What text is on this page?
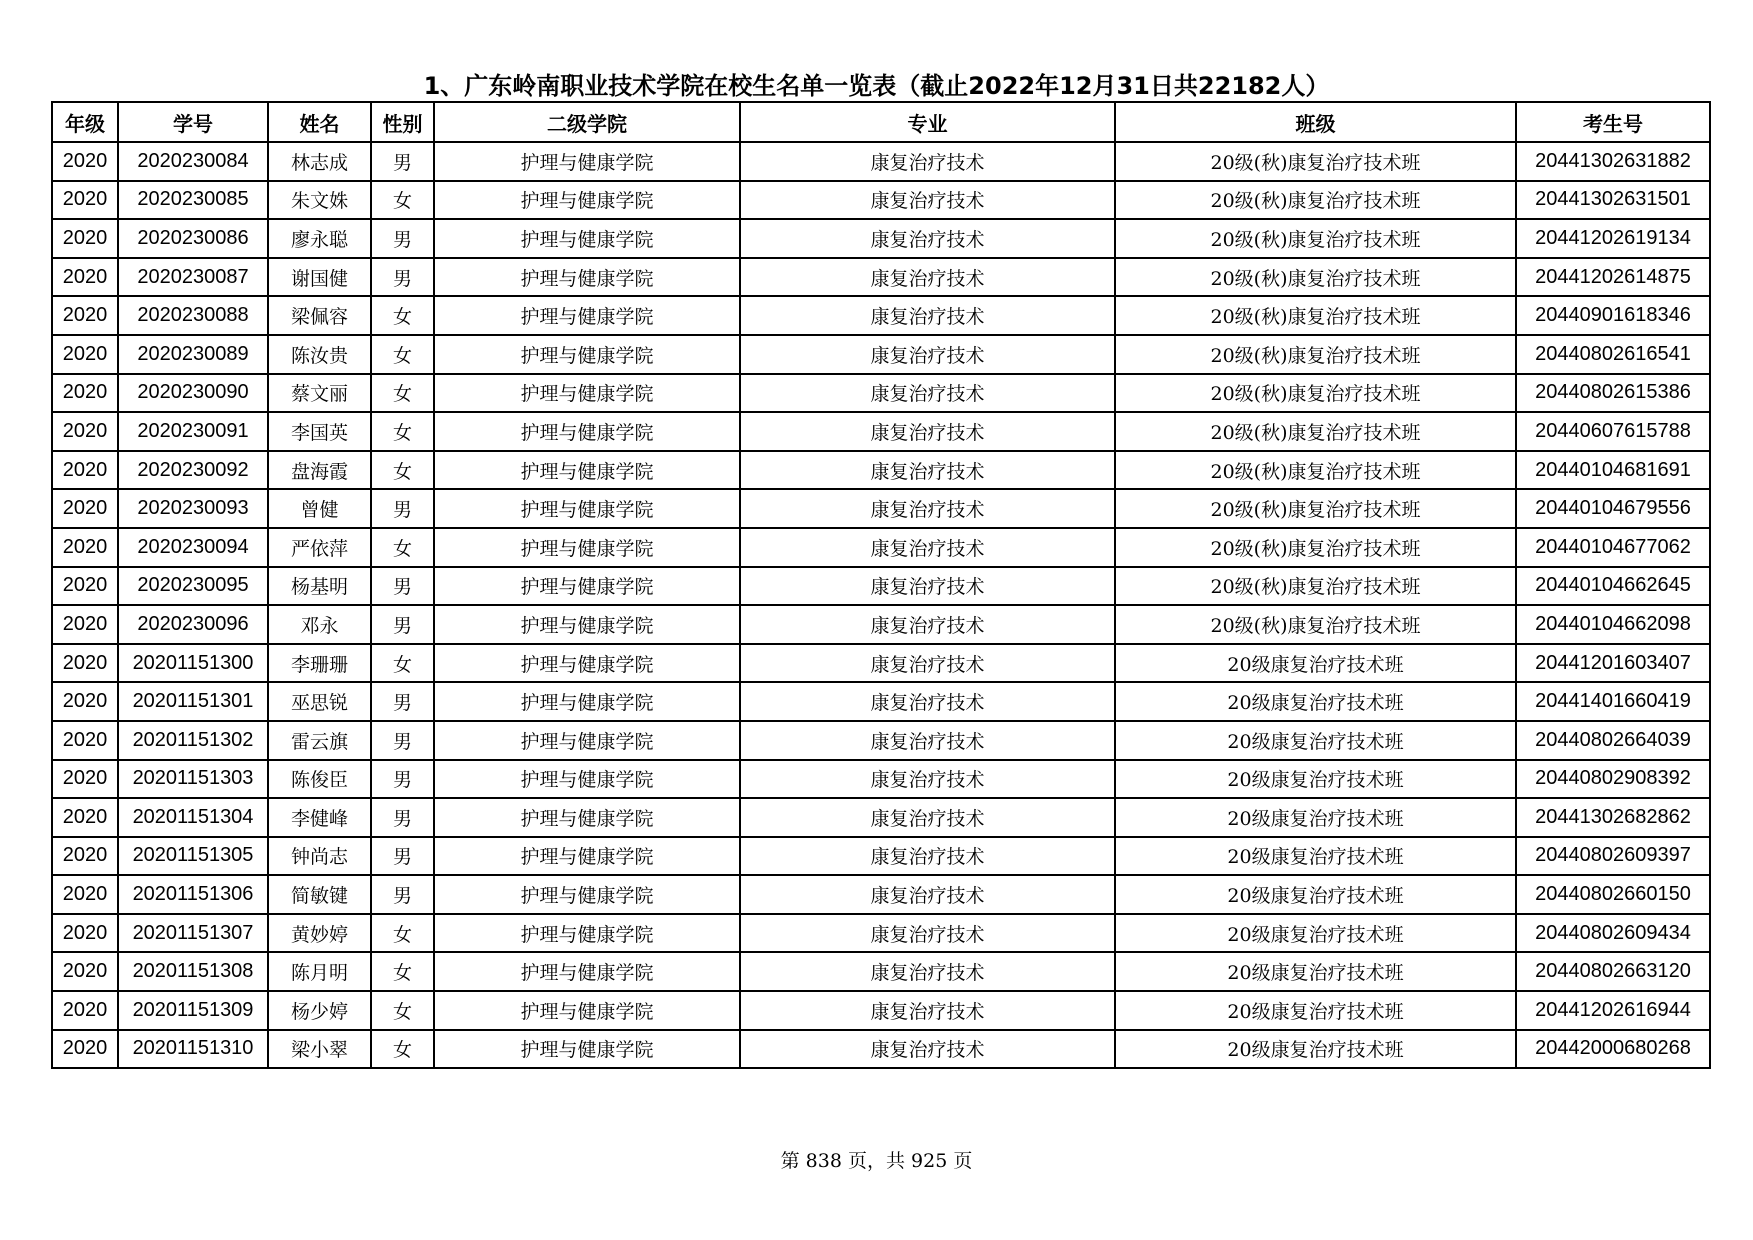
1、广东岭南职业技术学院在校生名单一览表（截止2022年12月31日共22182人）
年级	学号	姓名	性别	二级学院	专业	班级	考生号
2020	2020230084	林志成	男	护理与健康学院	康复治疗技术	20级(秋)康复治疗技术班	20441302631882
2020	2020230085	朱文姝	女	护理与健康学院	康复治疗技术	20级(秋)康复治疗技术班	20441302631501
2020	2020230086	廖永聪	男	护理与健康学院	康复治疗技术	20级(秋)康复治疗技术班	20441202619134
2020	2020230087	谢国健	男	护理与健康学院	康复治疗技术	20级(秋)康复治疗技术班	20441202614875
2020	2020230088	梁佩容	女	护理与健康学院	康复治疗技术	20级(秋)康复治疗技术班	20440901618346
2020	2020230089	陈汝贵	女	护理与健康学院	康复治疗技术	20级(秋)康复治疗技术班	20440802616541
2020	2020230090	蔡文丽	女	护理与健康学院	康复治疗技术	20级(秋)康复治疗技术班	20440802615386
2020	2020230091	李国英	女	护理与健康学院	康复治疗技术	20级(秋)康复治疗技术班	20440607615788
2020	2020230092	盘海霞	女	护理与健康学院	康复治疗技术	20级(秋)康复治疗技术班	20440104681691
2020	2020230093	曾健	男	护理与健康学院	康复治疗技术	20级(秋)康复治疗技术班	20440104679556
2020	2020230094	严依萍	女	护理与健康学院	康复治疗技术	20级(秋)康复治疗技术班	20440104677062
2020	2020230095	杨基明	男	护理与健康学院	康复治疗技术	20级(秋)康复治疗技术班	20440104662645
2020	2020230096	邓永	男	护理与健康学院	康复治疗技术	20级(秋)康复治疗技术班	20440104662098
2020	20201151300	李珊珊	女	护理与健康学院	康复治疗技术	20级康复治疗技术班	20441201603407
2020	20201151301	巫思锐	男	护理与健康学院	康复治疗技术	20级康复治疗技术班	20441401660419
2020	20201151302	雷云旗	男	护理与健康学院	康复治疗技术	20级康复治疗技术班	20440802664039
2020	20201151303	陈俊臣	男	护理与健康学院	康复治疗技术	20级康复治疗技术班	20440802908392
2020	20201151304	李健峰	男	护理与健康学院	康复治疗技术	20级康复治疗技术班	20441302682862
2020	20201151305	钟尚志	男	护理与健康学院	康复治疗技术	20级康复治疗技术班	20440802609397
2020	20201151306	简敏键	男	护理与健康学院	康复治疗技术	20级康复治疗技术班	20440802660150
2020	20201151307	黄妙婷	女	护理与健康学院	康复治疗技术	20级康复治疗技术班	20440802609434
2020	20201151308	陈月明	女	护理与健康学院	康复治疗技术	20级康复治疗技术班	20440802663120
2020	20201151309	杨少婷	女	护理与健康学院	康复治疗技术	20级康复治疗技术班	20441202616944
2020	20201151310	梁小翠	女	护理与健康学院	康复治疗技术	20级康复治疗技术班	20442000680268
第 838 页，共 925 页
